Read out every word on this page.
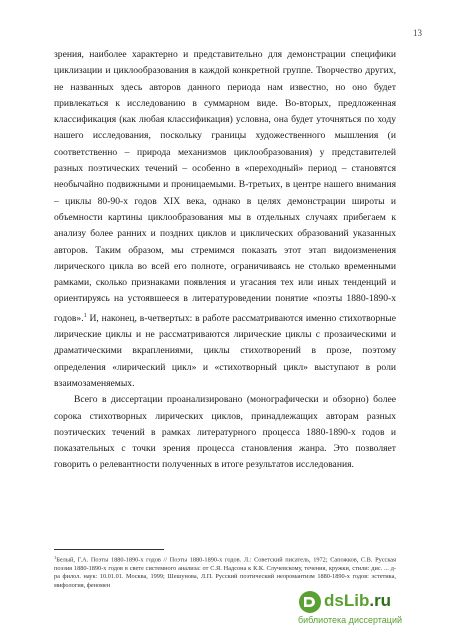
13

зрения, наиболее характерно и представительно для демонстрации специфики циклизации и циклообразования в каждой конкретной группе. Творчество других, не названных здесь авторов данного периода нам известно, но оно будет привлекаться к исследованию в суммарном виде. Во-вторых, предложенная классификация (как любая классификация) условна, она будет уточняться по ходу нашего исследования, поскольку границы художественного мышления (и соответственно – природа механизмов циклообразования) у представителей разных поэтических течений – особенно в «переходный» период – становятся необычайно подвижными и проницаемыми. В-третьих, в центре нашего внимания – циклы 80-90-х годов XIX века, однако в целях демонстрации широты и объемности картины циклообразования мы в отдельных случаях прибегаем к анализу более ранних и поздних циклов и циклических образований указанных авторов. Таким образом, мы стремимся показать этот этап видоизменения лирического цикла во всей его полноте, ограничиваясь не столько временными рамками, сколько признаками появления и угасания тех или иных тенденций и ориентируясь на устоявшееся в литературоведении понятие «поэты 1880-1890-х годов».$^1$ И, наконец, в-четвертых: в работе рассматриваются именно стихотворные лирические циклы и не рассматриваются лирические циклы с прозаическими и драматическими вкраплениями, циклы стихотворений в прозе, поэтому определения «лирический цикл» и «стихотворный цикл» выступают в роли взаимозаменяемых.

Всего в диссертации проанализировано (монографически и обзорно) более сорока стихотворных лирических циклов, принадлежащих авторам разных поэтических течений в рамках литературного процесса 1880-1890-х годов и показательных с точки зрения процесса становления жанра. Это позволяет говорить о релевантности полученных в итоге результатов исследования.

$^1$Белый, Г.А. Поэты 1880-1890-х годов // Поэты 1880-1890-х годов. Л.: Советский писатель, 1972; Сапожков, С.В. Русская поэзия 1880-1890-х годов в свете системного анализа: от С.Я. Надсона к К.К. Случевскому, течения, кружки, стили: дис. ... д-ра филол. наук: 10.01.01. Москва, 1999; Шешунова, Л.П. Русский поэтический неоромантизм 1880-1890-х годов: эстетика, мифология, феномен
dsLib.ru
библиотека диссертаций
